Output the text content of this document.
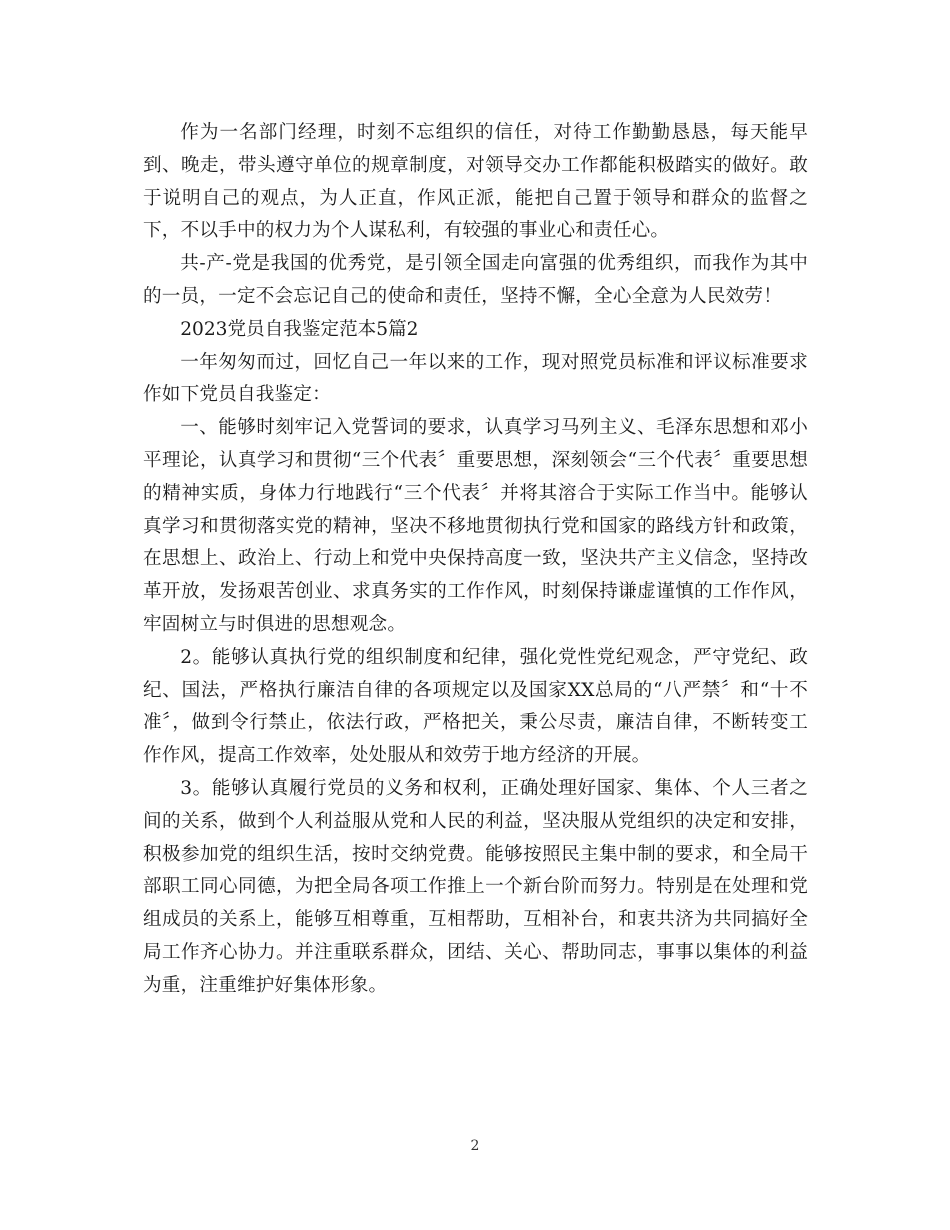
作为一名部门经理，时刻不忘组织的信任，对待工作勤勤恳恳，每天能早到、晚走，带头遵守单位的规章制度，对领导交办工作都能积极踏实的做好。敢于说明自己的观点，为人正直，作风正派，能把自己置于领导和群众的监督之下，不以手中的权力为个人谋私利，有较强的事业心和责任心。

共-产-党是我国的优秀党，是引领全国走向富强的优秀组织，而我作为其中的一员，一定不会忘记自己的使命和责任，坚持不懈，全心全意为人民效劳！

2023党员自我鉴定范本5篇2

一年匆匆而过，回忆自己一年以来的工作，现对照党员标准和评议标准要求作如下党员自我鉴定：

一、能够时刻牢记入党誓词的要求，认真学习马列主义、毛泽东思想和邓小平理论，认真学习和贯彻“三个代表〞重要思想，深刻领会“三个代表〞重要思想的精神实质，身体力行地践行“三个代表〞并将其溶合于实际工作当中。能够认真学习和贯彻落实党的精神，坚决不移地贯彻执行党和国家的路线方针和政策，在思想上、政治上、行动上和党中央保持高度一致，坚決共产主义信念，坚持改革开放，发扬艰苦创业、求真务实的工作作风，时刻保持谦虚谨慎的工作作风，牢固树立与时俱进的思想观念。

2。能够认真执行党的组织制度和纪律，强化党性党纪观念，严守党纪、政纪、国法，严格执行廉洁自律的各项规定以及国家XX总局的“八严禁〞和“十不准〞，做到令行禁止，依法行政，严格把关，秉公尽责，廉洁自律，不断转变工作作风，提高工作效率，处处服从和效劳于地方经济的开展。

3。能够认真履行党员的义务和权利，正确处理好国家、集体、个人三者之间的关系，做到个人利益服从党和人民的利益，坚决服从党组织的决定和安排，积极参加党的组织生活，按时交纳党费。能够按照民主集中制的要求，和全局干部职工同心同德，为把全局各项工作推上一个新台阶而努力。特别是在处理和党组成员的关系上，能够互相尊重，互相帮助，互相补台，和衷共济为共同搞好全局工作齐心协力。并注重联系群众，团结、关心、帮助同志，事事以集体的利益为重，注重维护好集体形象。

2
